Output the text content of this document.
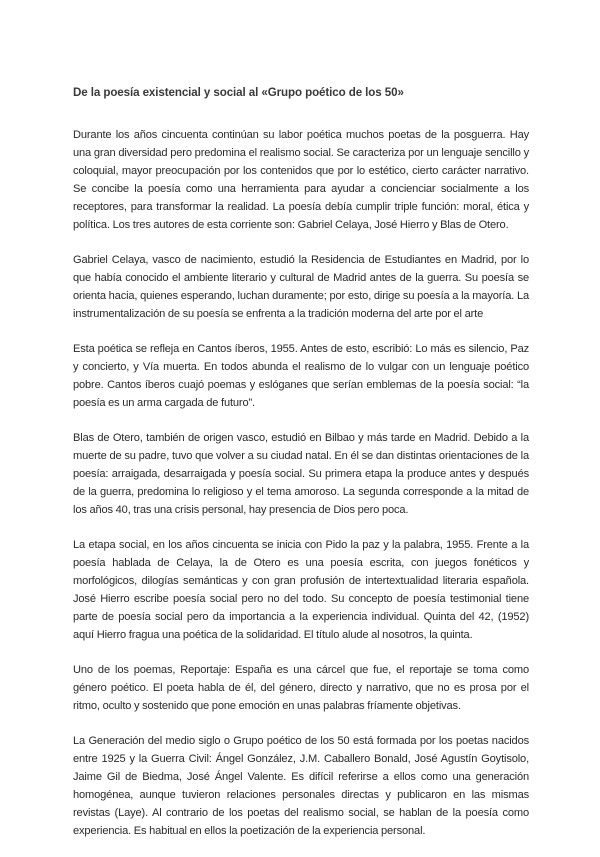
De la poesía existencial y social al «Grupo poético de los 50»

Durante los años cincuenta continúan su labor poética muchos poetas de la posguerra. Hay una gran diversidad pero predomina el realismo social. Se caracteriza por un lenguaje sencillo y coloquial, mayor preocupación por los contenidos que por lo estético, cierto carácter narrativo. Se concibe la poesía como una herramienta para ayudar a concienciar socialmente a los receptores, para transformar la realidad. La poesía debía cumplir triple función: moral, ética y política. Los tres autores de esta corriente son: Gabriel Celaya, José Hierro y Blas de Otero.

Gabriel Celaya, vasco de nacimiento, estudió la Residencia de Estudiantes en Madrid, por lo que había conocido el ambiente literario y cultural de Madrid antes de la guerra. Su poesía se orienta hacia, quienes esperando, luchan duramente; por esto, dirige su poesía a la mayoría. La instrumentalización de su poesía se enfrenta a la tradición moderna del arte por el arte

Esta poética se refleja en Cantos íberos, 1955. Antes de esto, escribió: Lo más es silencio, Paz y concierto, y Vía muerta. En todos abunda el realismo de lo vulgar con un lenguaje poético pobre. Cantos íberos cuajó poemas y eslóganes que serían emblemas de la poesía social: “la poesía es un arma cargada de futuro”.

Blas de Otero, también de origen vasco, estudió en Bilbao y más tarde en Madrid. Debido a la muerte de su padre, tuvo que volver a su ciudad natal. En él se dan distintas orientaciones de la poesía: arraigada, desarraigada y poesía social. Su primera etapa la produce antes y después de la guerra, predomina lo religioso y el tema amoroso. La segunda corresponde a la mitad de los años 40, tras una crisis personal, hay presencia de Dios pero poca.

La etapa social, en los años cincuenta se inicia con Pido la paz y la palabra, 1955. Frente a la poesía hablada de Celaya, la de Otero es una poesía escrita, con juegos fonéticos y morfológicos, dilogías semánticas y con gran profusión de intertextualidad literaria española. José Hierro escribe poesía social pero no del todo. Su concepto de poesía testimonial tiene parte de poesía social pero da importancia a la experiencia individual. Quinta del 42, (1952) aquí Hierro fragua una poética de la solidaridad. El título alude al nosotros, la quinta.

Uno de los poemas, Reportaje: España es una cárcel que fue, el reportaje se toma como género poético. El poeta habla de él, del género, directo y narrativo, que no es prosa por el ritmo, oculto y sostenido que pone emoción en unas palabras fríamente objetivas.

La Generación del medio siglo o Grupo poético de los 50 está formada por los poetas nacidos entre 1925 y la Guerra Civil: Ángel González, J.M. Caballero Bonald, José Agustín Goytisolo, Jaime Gil de Biedma, José Ángel Valente. Es difícil referirse a ellos como una generación homogénea, aunque tuvieron relaciones personales directas y publicaron en las mismas revistas (Laye). Al contrario de los poetas del realismo social, se hablan de la poesía como experiencia. Es habitual en ellos la poetización de la experiencia personal.
